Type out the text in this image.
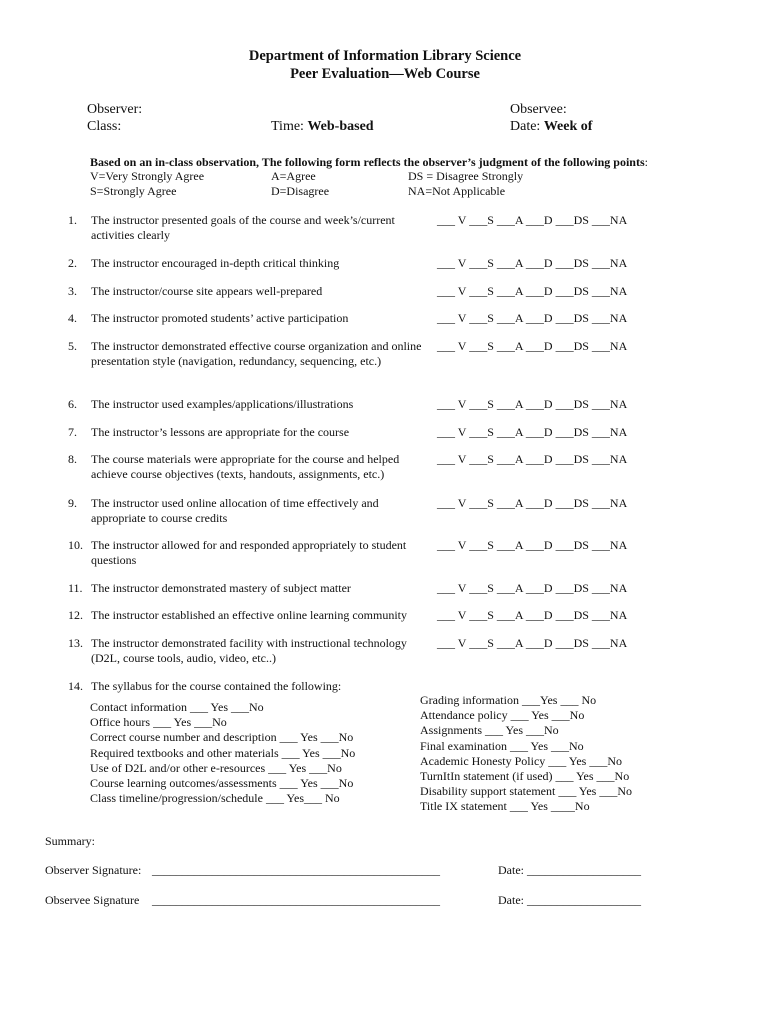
Department of Information Library Science
Peer Evaluation—Web Course
Observer:
Class:	Time: Web-based
Observee:
Date: Week of
Based on an in-class observation, The following form reflects the observer’s judgment of the following points:
V=Very Strongly Agree	A=Agree	DS = Disagree Strongly
S=Strongly Agree	D=Disagree	NA=Not Applicable
1. The instructor presented goals of the course and week’s/current activities clearly
___ V ___S ___A ___D ___DS ___NA
2. The instructor encouraged in-depth critical thinking	___ V ___S ___A ___D ___DS ___NA
3. The instructor/course site appears well-prepared	___ V ___S ___A ___D ___DS ___NA
4. The instructor promoted students’ active participation	___ V ___S ___A ___D ___DS ___NA
5. The instructor demonstrated effective course organization and online presentation style (navigation, redundancy, sequencing, etc.)
___ V ___S ___A ___D ___DS ___NA
6. The instructor used examples/applications/illustrations	___ V ___S ___A ___D ___DS ___NA
7. The instructor’s lessons are appropriate for the course	___ V ___S ___A ___D ___DS ___NA
8. The course materials were appropriate for the course and helped achieve course objectives (texts, handouts, assignments, etc.)
___ V ___S ___A ___D ___DS ___NA
9. The instructor used online allocation of time effectively and appropriate to course credits
___ V ___S ___A ___D ___DS ___NA
10. The instructor allowed for and responded appropriately to student questions
___ V ___S ___A ___D ___DS ___NA
11. The instructor demonstrated mastery of subject matter	___ V ___S ___A ___D ___DS ___NA
12. The instructor established an effective online learning community	___ V ___S ___A ___D ___DS ___NA
13. The instructor demonstrated facility with instructional technology (D2L, course tools, audio, video, etc..)
___ V ___S ___A ___D ___DS ___NA
14. The syllabus for the course contained the following:
Contact information ___ Yes ___No
Office hours ___ Yes ___No
Correct course number and description ___ Yes ___No
Required textbooks and other materials ___ Yes ___No
Use of D2L and/or other e-resources ___ Yes ___No
Course learning outcomes/assessments ___ Yes ___No
Class timeline/progression/schedule ___ Yes___ No
Grading information ___Yes ___ No
Attendance policy ___ Yes ___No
Assignments ___ Yes ___No
Final examination ___ Yes ___No
Academic Honesty Policy ___ Yes ___No
TurnItIn statement (if used) ___ Yes ___No
Disability support statement ___ Yes ___No
Title IX statement ___ Yes ____No
Summary:
Observer Signature: ________________________________________________	Date: ___________________
Observee Signature ________________________________________________	Date: ___________________
